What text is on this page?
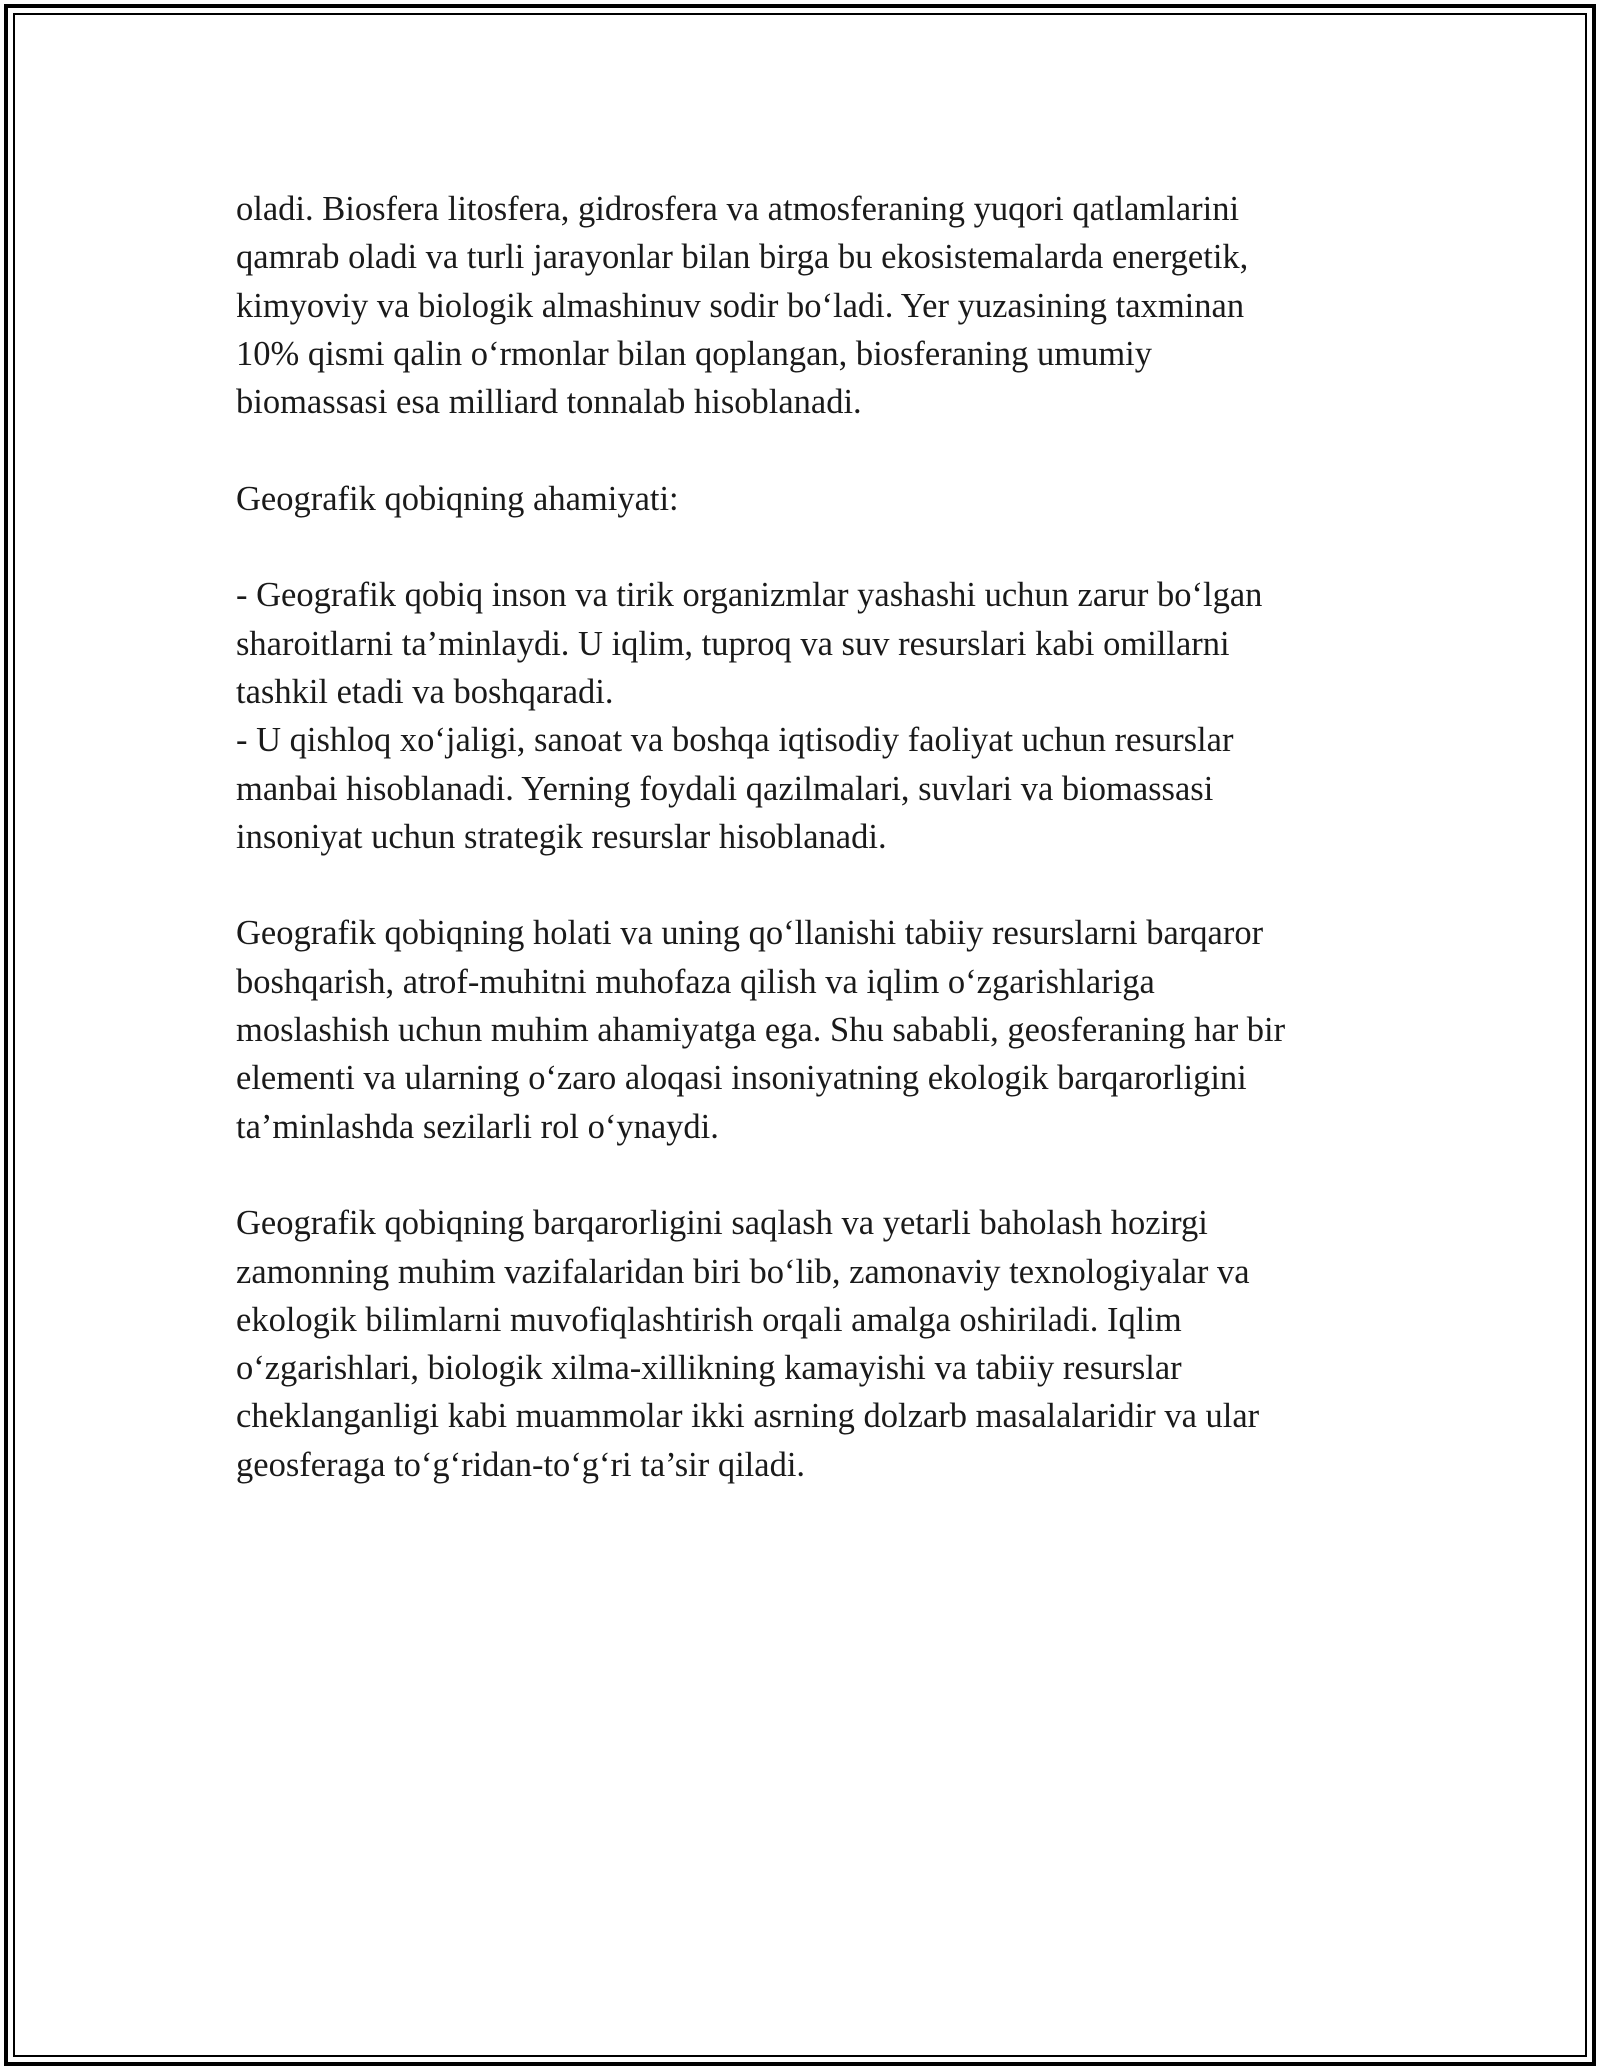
oladi. Biosfera litosfera, gidrosfera va atmosferaning yuqori qatlamlarini
qamrab oladi va turli jarayonlar bilan birga bu ekosistemalarda energetik,
kimyoviy va biologik almashinuv sodir bo‘ladi. Yer yuzasining taxminan
10% qismi qalin o‘rmonlar bilan qoplangan, biosferaning umumiy
biomassasi esa milliard tonnalab hisoblanadi.

Geografik qobiqning ahamiyati:

- Geografik qobiq inson va tirik organizmlar yashashi uchun zarur bo‘lgan
sharoitlarni ta’minlaydi. U iqlim, tuproq va suv resurslari kabi omillarni
tashkil etadi va boshqaradi.
- U qishloq xo‘jaligi, sanoat va boshqa iqtisodiy faoliyat uchun resurslar
manbai hisoblanadi. Yerning foydali qazilmalari, suvlari va biomassasi
insoniyat uchun strategik resurslar hisoblanadi.

Geografik qobiqning holati va uning qo‘llanishi tabiiy resurslarni barqaror
boshqarish, atrof-muhitni muhofaza qilish va iqlim o‘zgarishlariga
moslashish uchun muhim ahamiyatga ega. Shu sababli, geosferaning har bir
elementi va ularning o‘zaro aloqasi insoniyatning ekologik barqarorligini
ta’minlashda sezilarli rol o‘ynaydi.

Geografik qobiqning barqarorligini saqlash va yetarli baholash hozirgi
zamonning muhim vazifalaridan biri bo‘lib, zamonaviy texnologiyalar va
ekologik bilimlarni muvofiqlashtirish orqali amalga oshiriladi. Iqlim
o‘zgarishlari, biologik xilma-xillikning kamayishi va tabiiy resurslar
cheklanganligi kabi muammolar ikki asrning dolzarb masalalaridir va ular
geosferaga to‘g‘ridan-to‘g‘ri ta’sir qiladi.
